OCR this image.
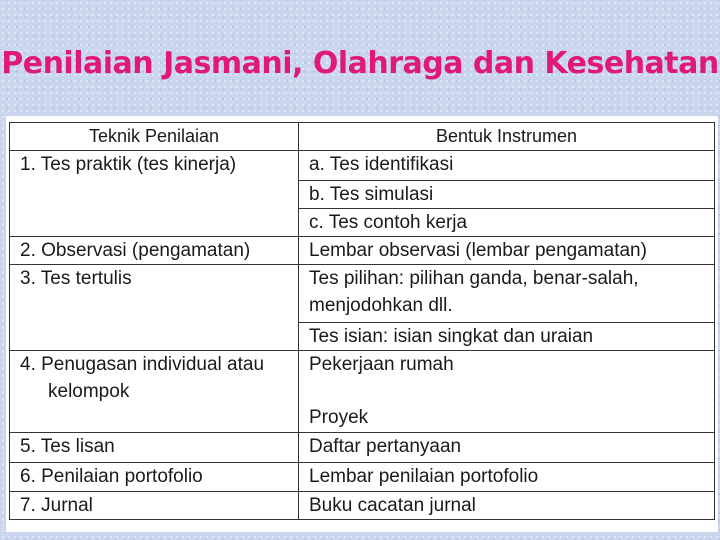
Penilaian Jasmani, Olahraga dan Kesehatan
Teknik Penilaian	Bentuk Instrumen
1. Tes praktik (tes kinerja)	a. Tes identifikasi
	b. Tes simulasi
	c. Tes contoh kerja
2. Observasi (pengamatan)	Lembar observasi (lembar pengamatan)
3. Tes tertulis	Tes pilihan: pilihan ganda, benar-salah,
menjodohkan dll.

	Tes isian: isian singkat dan uraian

4. Penugasan individual atau
kelompok	Pekerjaan rumah
Proyek

5. Tes lisan	Daftar pertanyaan
6. Penilaian portofolio	Lembar penilaian portofolio
7. Jurnal	Buku cacatan jurnal
